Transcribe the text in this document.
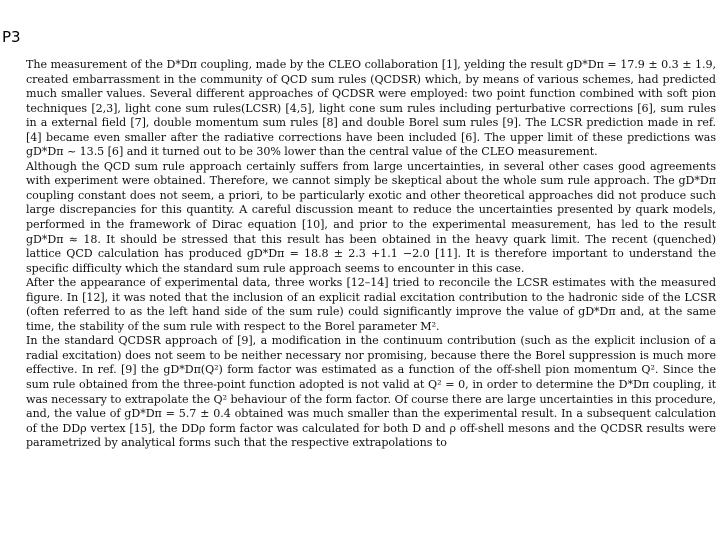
P3

The measurement of the D*Dπ coupling, made by the CLEO collaboration [1], yelding the result gD*Dπ = 17.9 ± 0.3 ± 1.9, created embarrassment in the community of QCD sum rules (QCDSR) which, by means of various schemes, had predicted much smaller values. Several different approaches of QCDSR were employed: two point function combined with soft pion techniques [2,3], light cone sum rules(LCSR) [4,5], light cone sum rules including perturbative corrections [6], sum rules in a external field [7], double momentum sum rules [8] and double Borel sum rules [9]. The LCSR prediction made in ref. [4] became even smaller after the radiative corrections have been included [6]. The upper limit of these predictions was gD*Dπ ~ 13.5 [6] and it turned out to be 30% lower than the central value of the CLEO measurement.

Although the QCD sum rule approach certainly suffers from large uncertainties, in several other cases good agreements with experiment were obtained. Therefore, we cannot simply be skeptical about the whole sum rule approach. The gD*Dπ coupling constant does not seem, a priori, to be particularly exotic and other theoretical approaches did not produce such large discrepancies for this quantity. A careful discussion meant to reduce the uncertainties presented by quark models, performed in the framework of Dirac equation [10], and prior to the experimental measurement, has led to the result gD*Dπ ≈ 18. It should be stressed that this result has been obtained in the heavy quark limit. The recent (quenched) lattice QCD calculation has produced gD*Dπ = 18.8 ± 2.3 +1.1 −2.0 [11]. It is therefore important to understand the specific difficulty which the standard sum rule approach seems to encounter in this case.

After the appearance of experimental data, three works [12–14] tried to reconcile the LCSR estimates with the measured figure. In [12], it was noted that the inclusion of an explicit radial excitation contribution to the hadronic side of the LCSR (often referred to as the left hand side of the sum rule) could significantly improve the value of gD*Dπ and, at the same time, the stability of the sum rule with respect to the Borel parameter M².

In the standard QCDSR approach of [9], a modification in the continuum contribution (such as the explicit inclusion of a radial excitation) does not seem to be neither necessary nor promising, because there the Borel suppression is much more effective. In ref. [9] the gD*Dπ(Q²) form factor was estimated as a function of the off-shell pion momentum Q². Since the sum rule obtained from the three-point function adopted is not valid at Q² = 0, in order to determine the D*Dπ coupling, it was necessary to extrapolate the Q² behaviour of the form factor. Of course there are large uncertainties in this procedure, and, the value of gD*Dπ = 5.7 ± 0.4 obtained was much smaller than the experimental result. In a subsequent calculation of the DDρ vertex [15], the DDρ form factor was calculated for both D and ρ off-shell mesons and the QCDSR results were parametrized by analytical forms such that the respective extrapolations to
